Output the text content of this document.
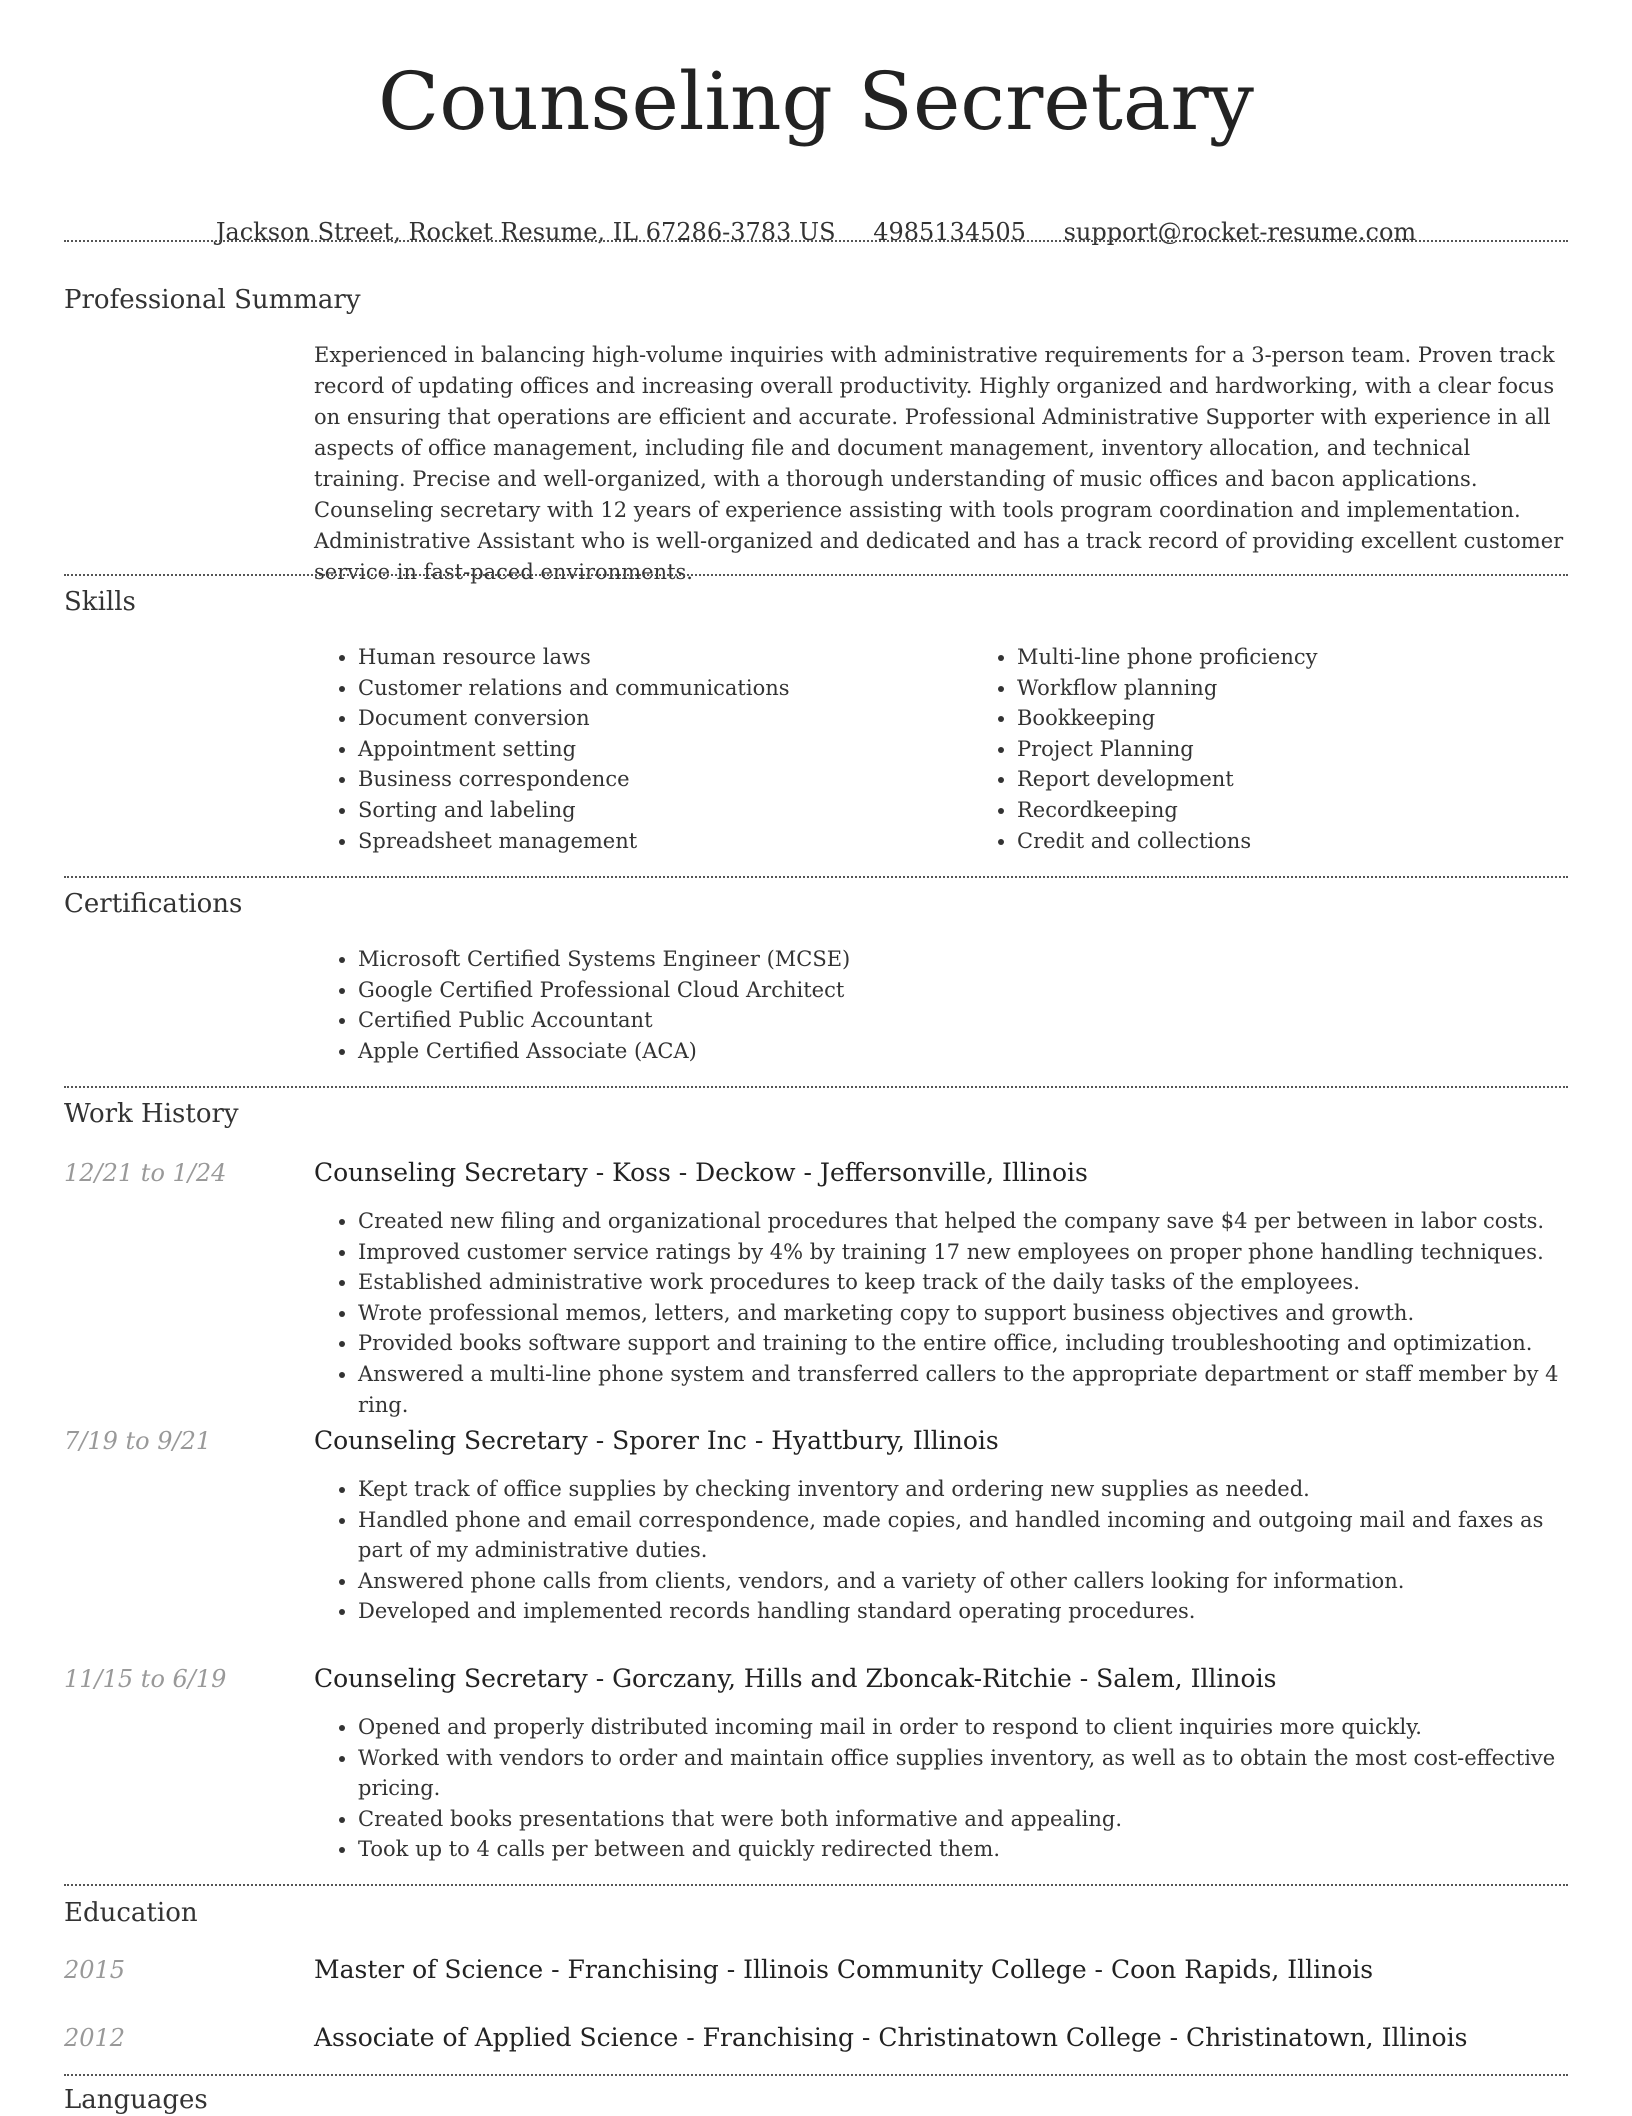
Counseling Secretary
Jackson Street, Rocket Resume, IL 67286-3783 US 4985134505 support@rocket-resume.com
Professional Summary
Experienced in balancing high-volume inquiries with administrative requirements for a 3-person team. Proven track record of updating offices and increasing overall productivity. Highly organized and hardworking, with a clear focus on ensuring that operations are efficient and accurate. Professional Administrative Supporter with experience in all aspects of office management, including file and document management, inventory allocation, and technical training. Precise and well-organized, with a thorough understanding of music offices and bacon applications. Counseling secretary with 12 years of experience assisting with tools program coordination and implementation. Administrative Assistant who is well-organized and dedicated and has a track record of providing excellent customer service in fast-paced environments.
Skills
• Human resource laws
• Customer relations and communications
• Document conversion
• Appointment setting
• Business correspondence
• Sorting and labeling
• Spreadsheet management
• Multi-line phone proficiency
• Workflow planning
• Bookkeeping
• Project Planning
• Report development
• Recordkeeping
• Credit and collections
Certifications
• Microsoft Certified Systems Engineer (MCSE)
• Google Certified Professional Cloud Architect
• Certified Public Accountant
• Apple Certified Associate (ACA)
Work History
12/21 to 1/24	Counseling Secretary - Koss - Deckow - Jeffersonville, Illinois
• Created new filing and organizational procedures that helped the company save $4 per between in labor costs.
• Improved customer service ratings by 4% by training 17 new employees on proper phone handling techniques.
• Established administrative work procedures to keep track of the daily tasks of the employees.
• Wrote professional memos, letters, and marketing copy to support business objectives and growth.
• Provided books software support and training to the entire office, including troubleshooting and optimization.
• Answered a multi-line phone system and transferred callers to the appropriate department or staff member by 4 ring.
7/19 to 9/21	Counseling Secretary - Sporer Inc - Hyattbury, Illinois
• Kept track of office supplies by checking inventory and ordering new supplies as needed.
• Handled phone and email correspondence, made copies, and handled incoming and outgoing mail and faxes as part of my administrative duties.
• Answered phone calls from clients, vendors, and a variety of other callers looking for information.
• Developed and implemented records handling standard operating procedures.
11/15 to 6/19	Counseling Secretary - Gorczany, Hills and Zboncak-Ritchie - Salem, Illinois
• Opened and properly distributed incoming mail in order to respond to client inquiries more quickly.
• Worked with vendors to order and maintain office supplies inventory, as well as to obtain the most cost-effective pricing.
• Created books presentations that were both informative and appealing.
• Took up to 4 calls per between and quickly redirected them.
Education
2015	Master of Science - Franchising - Illinois Community College - Coon Rapids, Illinois
2012	Associate of Applied Science - Franchising - Christinatown College - Christinatown, Illinois
Languages
